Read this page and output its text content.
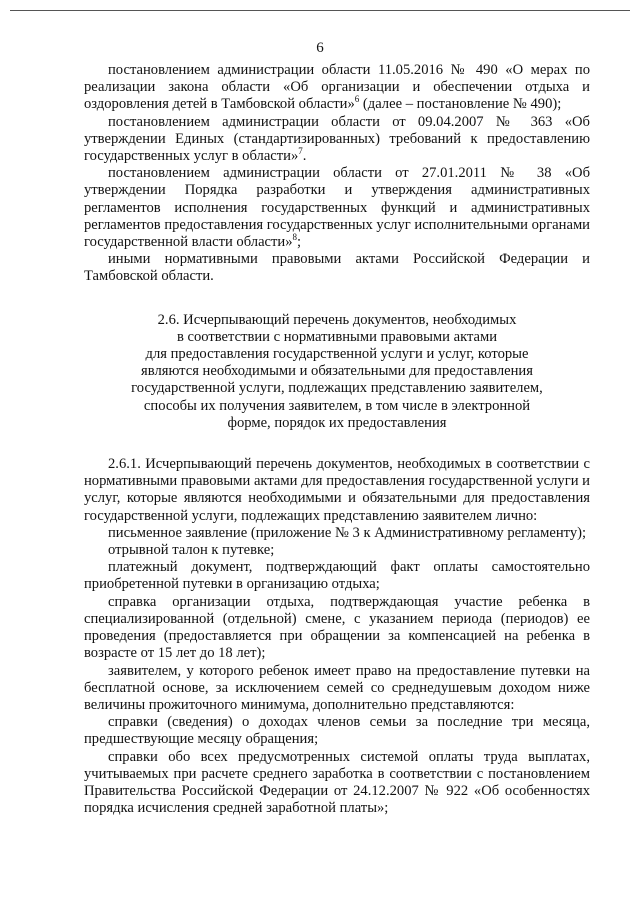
6

постановлением администрации области 11.05.2016 № 490 «О мерах по реализации закона области «Об организации и обеспечении отдыха и оздоровления детей в Тамбовской области»$^6$ (далее – постановление № 490);

постановлением администрации области от 09.04.2007 № 363 «Об утверждении Единых (стандартизированных) требований к предоставлению государственных услуг в области»$^7$.

постановлением администрации области от 27.01.2011 № 38 «Об утверждении Порядка разработки и утверждения административных регламентов исполнения государственных функций и административных регламентов предоставления государственных услуг исполнительными органами государственной власти области»$^8$;

иными нормативными правовыми актами Российской Федерации и Тамбовской области.

2.6. Исчерпывающий перечень документов, необходимых
в соответствии с нормативными правовыми актами
для предоставления государственной услуги и услуг, которые
являются необходимыми и обязательными для предоставления
государственной услуги, подлежащих представлению заявителем,
способы их получения заявителем, в том числе в электронной
форме, порядок их предоставления

2.6.1. Исчерпывающий перечень документов, необходимых в соответствии с нормативными правовыми актами для предоставления государственной услуги и услуг, которые являются необходимыми и обязательными для предоставления государственной услуги, подлежащих представлению заявителем лично:

письменное заявление (приложение № 3 к Административному регламенту);

отрывной талон к путевке;

платежный документ, подтверждающий факт оплаты самостоятельно приобретенной путевки в организацию отдыха;

справка организации отдыха, подтверждающая участие ребенка в специализированной (отдельной) смене, с указанием периода (периодов) ее проведения (предоставляется при обращении за компенсацией на ребенка в возрасте от 15 лет до 18 лет);

заявителем, у которого ребенок имеет право на предоставление путевки на бесплатной основе, за исключением семей со среднедушевым доходом ниже величины прожиточного минимума, дополнительно представляются:

справки (сведения) о доходах членов семьи за последние три месяца, предшествующие месяцу обращения;

справки обо всех предусмотренных системой оплаты труда выплатах, учитываемых при расчете среднего заработка в соответствии с постановлением Правительства Российской Федерации от 24.12.2007 № 922 «Об особенностях порядка исчисления средней заработной платы»;
